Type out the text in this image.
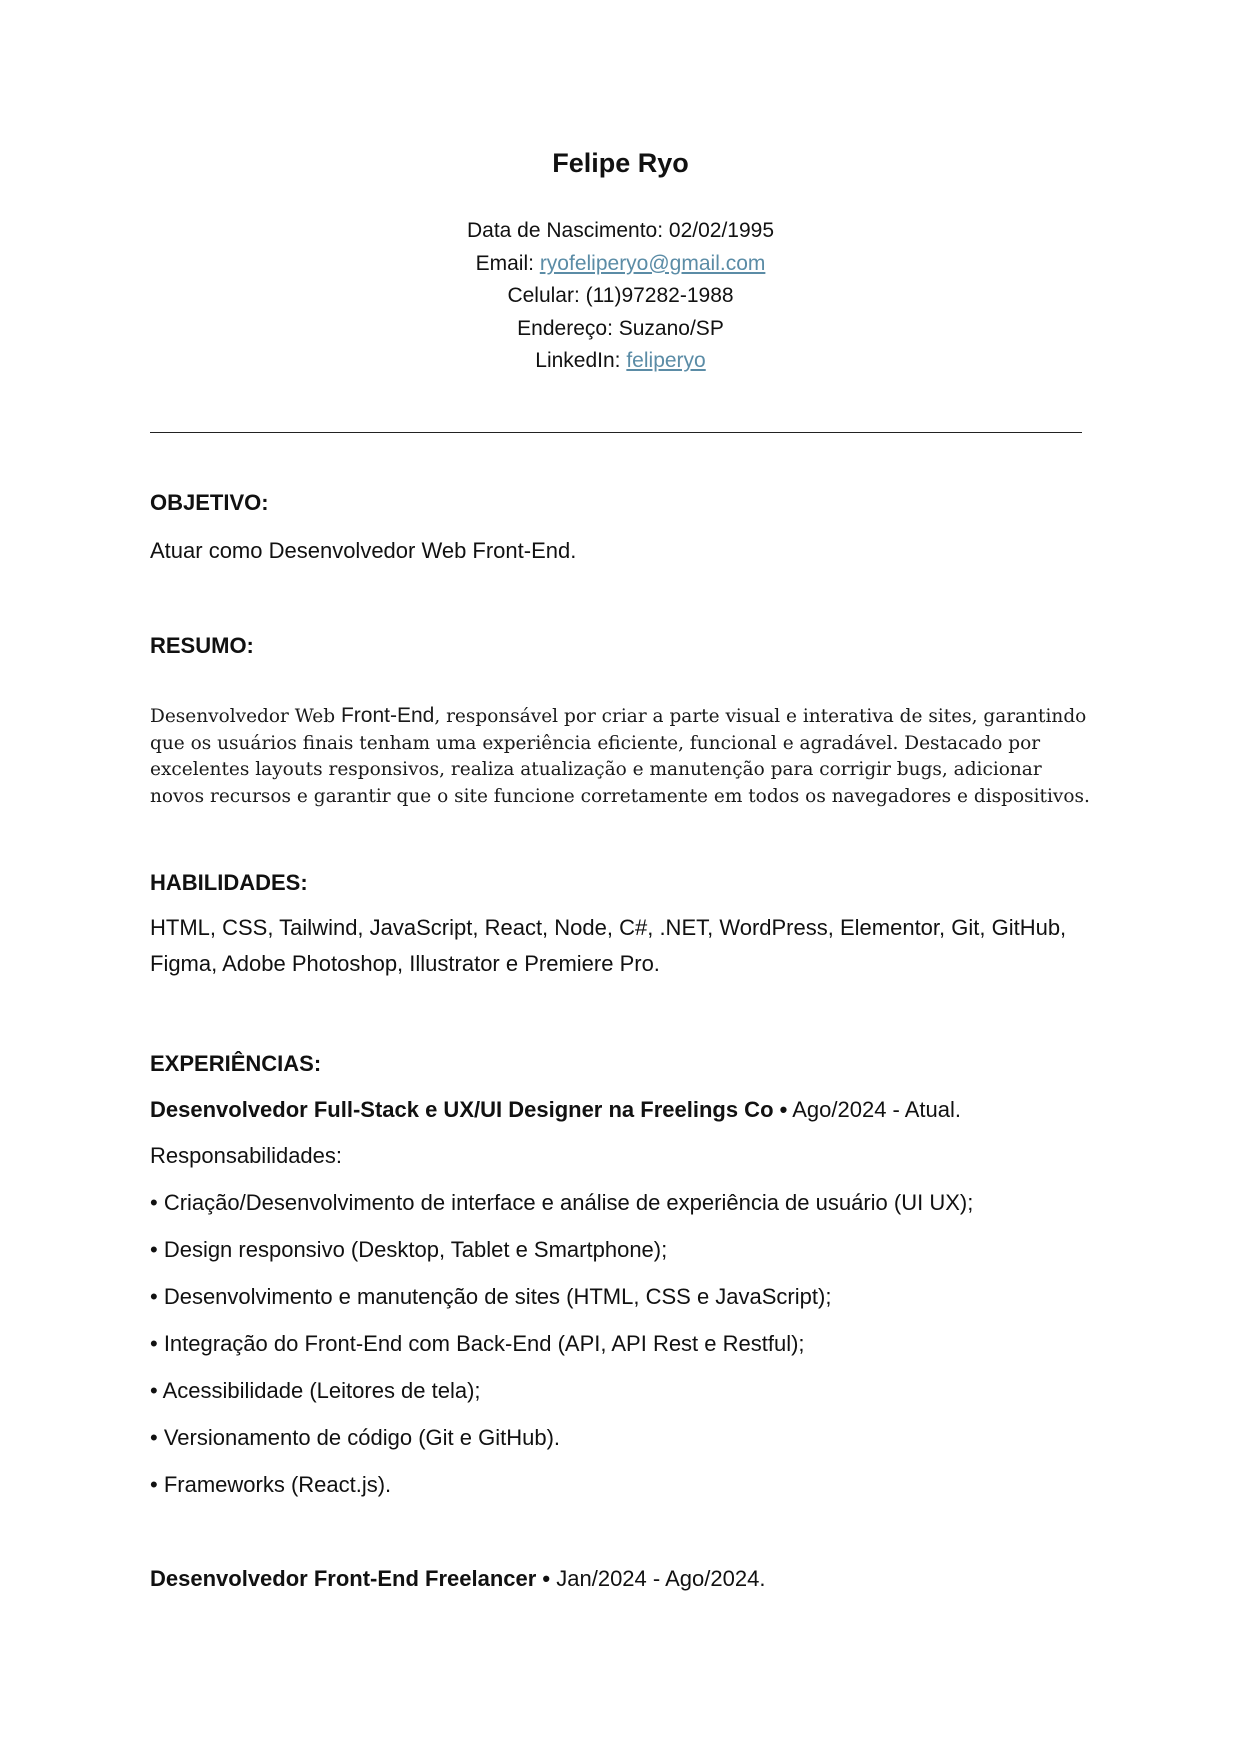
Felipe Ryo
Data de Nascimento: 02/02/1995
Email: ryofeliperyo@gmail.com
Celular: (11)97282-1988
Endereço: Suzano/SP
LinkedIn: feliperyo
OBJETIVO:
Atuar como Desenvolvedor Web Front-End.
RESUMO:
Desenvolvedor Web Front-End, responsável por criar a parte visual e interativa de sites, garantindo que os usuários finais tenham uma experiência eficiente, funcional e agradável. Destacado por excelentes layouts responsivos, realiza atualização e manutenção para corrigir bugs, adicionar novos recursos e garantir que o site funcione corretamente em todos os navegadores e dispositivos.
HABILIDADES:
HTML, CSS, Tailwind, JavaScript, React, Node, C#, .NET, WordPress, Elementor, Git, GitHub, Figma, Adobe Photoshop, Illustrator e Premiere Pro.
EXPERIÊNCIAS:
Desenvolvedor Full-Stack e UX/UI Designer na Freelings Co • Ago/2024 - Atual.
Responsabilidades:
• Criação/Desenvolvimento de interface e análise de experiência de usuário (UI UX);
• Design responsivo (Desktop, Tablet e Smartphone);
• Desenvolvimento e manutenção de sites (HTML, CSS e JavaScript);
• Integração do Front-End com Back-End (API, API Rest e Restful);
• Acessibilidade (Leitores de tela);
• Versionamento de código (Git e GitHub).
• Frameworks (React.js).
Desenvolvedor Front-End Freelancer • Jan/2024 - Ago/2024.
